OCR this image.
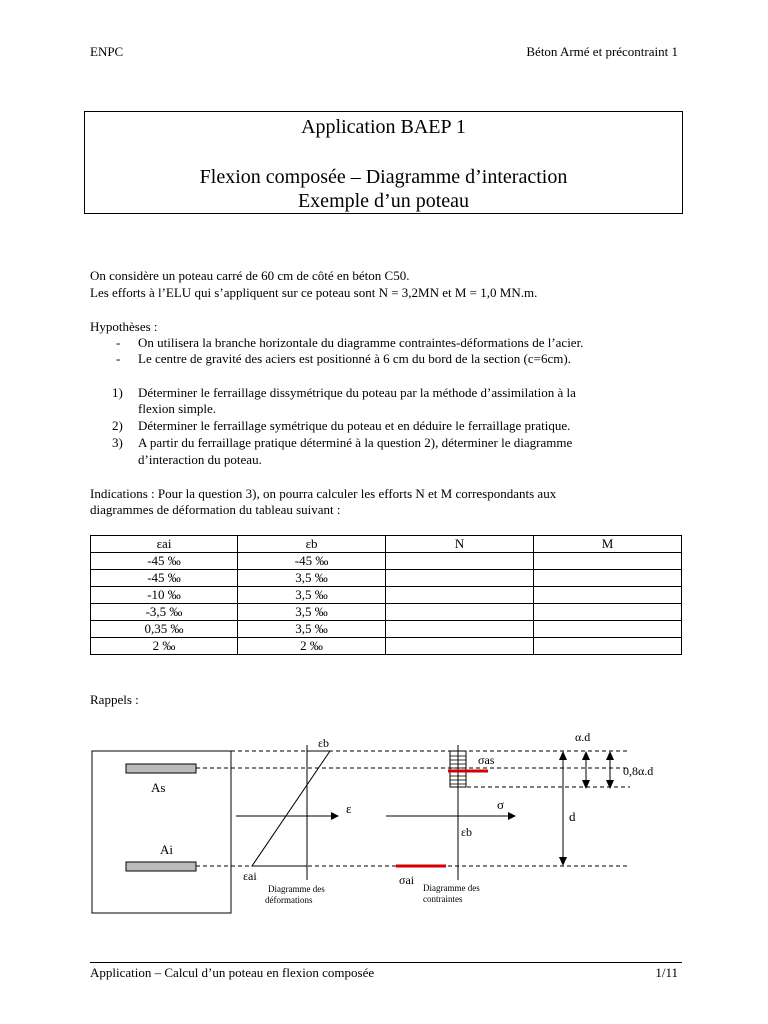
ENPC	Béton Armé et précontraint 1
Application BAEP 1
Flexion composée – Diagramme d’interaction
Exemple d’un poteau
On considère un poteau carré de 60 cm de côté en béton C50.
Les efforts à l’ELU qui s’appliquent sur ce poteau sont N = 3,2MN et M = 1,0 MN.m.
Hypothèses :
- On utilisera la branche horizontale du diagramme contraintes-déformations de l’acier.
- Le centre de gravité des aciers est positionné à 6 cm du bord de la section (c=6cm).
1) Déterminer le ferraillage dissymétrique du poteau par la méthode d’assimilation à la
flexion simple.
2) Déterminer le ferraillage symétrique du poteau et en déduire le ferraillage pratique.
3) A partir du ferraillage pratique déterminé à la question 2), déterminer le diagramme
d’interaction du poteau.
Indications : Pour la question 3), on pourra calculer les efforts N et M correspondants aux
diagrammes de déformation du tableau suivant :
εai	εb	N	M
-45 ‰	-45 ‰		
-45 ‰	3,5 ‰		
-10 ‰	3,5 ‰		
-3,5 ‰	3,5 ‰		
0,35 ‰	3,5 ‰		
2 ‰	2 ‰		
Rappels :
As
Ai
εb
ε
εai
Diagramme des
déformations
σas
σ
εb
σai
Diagramme des
contraintes
d
α.d
0,8α.d
Application – Calcul d’un poteau en flexion composée	1/11
